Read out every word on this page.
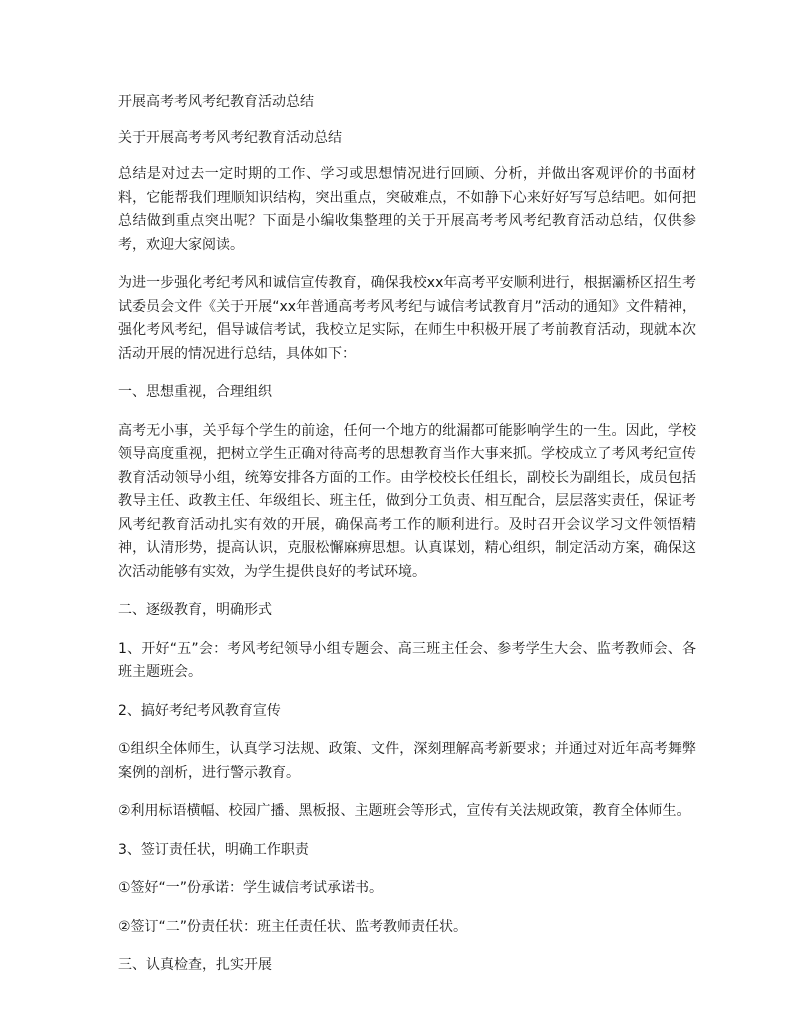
开展高考考风考纪教育活动总结
关于开展高考考风考纪教育活动总结

总结是对过去一定时期的工作、学习或思想情况进行回顾、分析，并做出客观评价的书面材料，它能帮我们理顺知识结构，突出重点，突破难点，不如静下心来好好写写总结吧。如何把总结做到重点突出呢？下面是小编收集整理的关于开展高考考风考纪教育活动总结，仅供参考，欢迎大家阅读。

为进一步强化考纪考风和诚信宣传教育，确保我校xx年高考平安顺利进行，根据灞桥区招生考试委员会文件《关于开展“xx年普通高考考风考纪与诚信考试教育月”活动的通知》文件精神，强化考风考纪，倡导诚信考试，我校立足实际，在师生中积极开展了考前教育活动，现就本次活动开展的情况进行总结，具体如下：

一、思想重视，合理组织

高考无小事，关乎每个学生的前途，任何一个地方的纰漏都可能影响学生的一生。因此，学校领导高度重视，把树立学生正确对待高考的思想教育当作大事来抓。学校成立了考风考纪宣传教育活动领导小组，统筹安排各方面的工作。由学校校长任组长，副校长为副组长，成员包括教导主任、政教主任、年级组长、班主任，做到分工负责、相互配合，层层落实责任，保证考风考纪教育活动扎实有效的开展，确保高考工作的顺利进行。及时召开会议学习文件领悟精神，认清形势，提高认识，克服松懈麻痹思想。认真谋划，精心组织，制定活动方案，确保这次活动能够有实效，为学生提供良好的考试环境。

二、逐级教育，明确形式

1、开好“五”会：考风考纪领导小组专题会、高三班主任会、参考学生大会、监考教师会、各班主题班会。

2、搞好考纪考风教育宣传

①组织全体师生，认真学习法规、政策、文件，深刻理解高考新要求；并通过对近年高考舞弊案例的剖析，进行警示教育。

②利用标语横幅、校园广播、黑板报、主题班会等形式，宣传有关法规政策，教育全体师生。

3、签订责任状，明确工作职责

①签好“一”份承诺：学生诚信考试承诺书。

②签订“二”份责任状：班主任责任状、监考教师责任状。

三、认真检查，扎实开展
